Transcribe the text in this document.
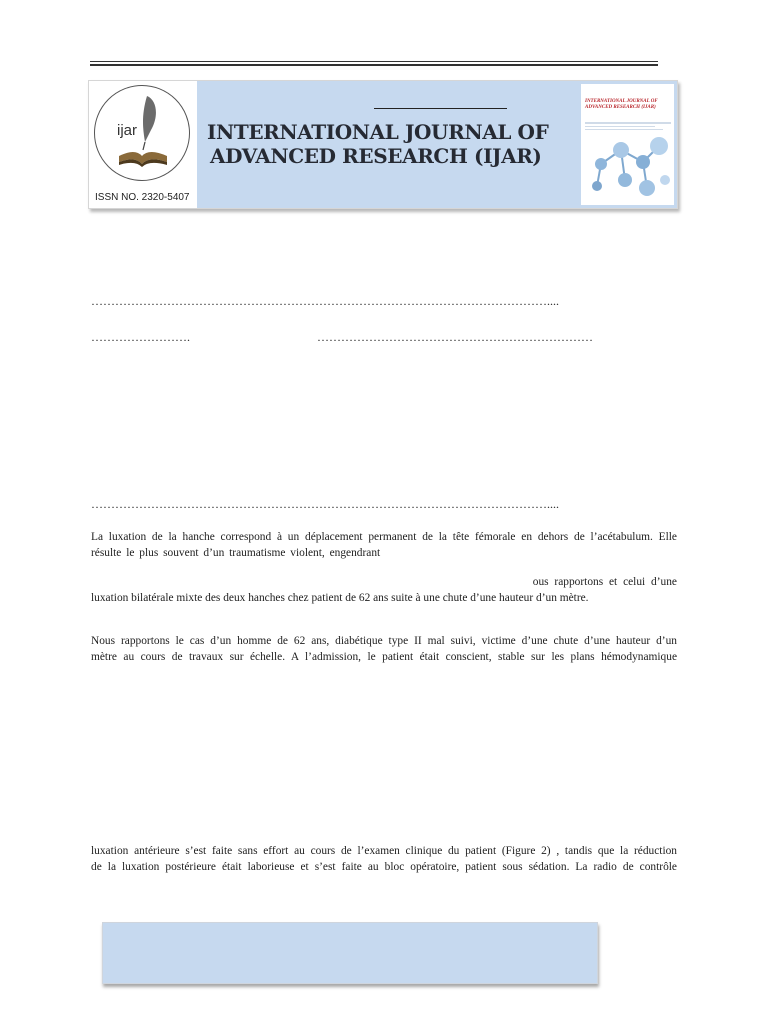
ijar
ISSN NO. 2320-5407
INTERNATIONAL JOURNAL OF
ADVANCED RESEARCH (IJAR)
INTERNATIONAL JOURNAL OF ADVANCED RESEARCH (IJAR)
……………………………………………………………………………………………………....
…………………….	……………………………………………………………
……………………………………………………………………………………………………....
La luxation de la hanche correspond à un déplacement permanent de la tête fémorale en dehors de l’acétabulum. Elle
résulte le plus souvent d’un traumatisme violent, engendrant
ous rapportons et celui d’une
luxation bilatérale mixte des deux hanches chez patient de 62 ans suite à une chute d’une hauteur d’un mètre.
Nous rapportons le cas d’un homme de 62 ans, diabétique type II mal suivi, victime d’une chute d’une hauteur d’un
mètre au cours de travaux sur échelle. A l’admission, le patient était conscient, stable sur les plans hémodynamique
luxation antérieure s’est faite sans effort au cours de l’examen clinique du patient (Figure 2) , tandis que la réduction
de la luxation postérieure était laborieuse et s’est faite au bloc opératoire, patient sous sédation. La radio de contrôle
